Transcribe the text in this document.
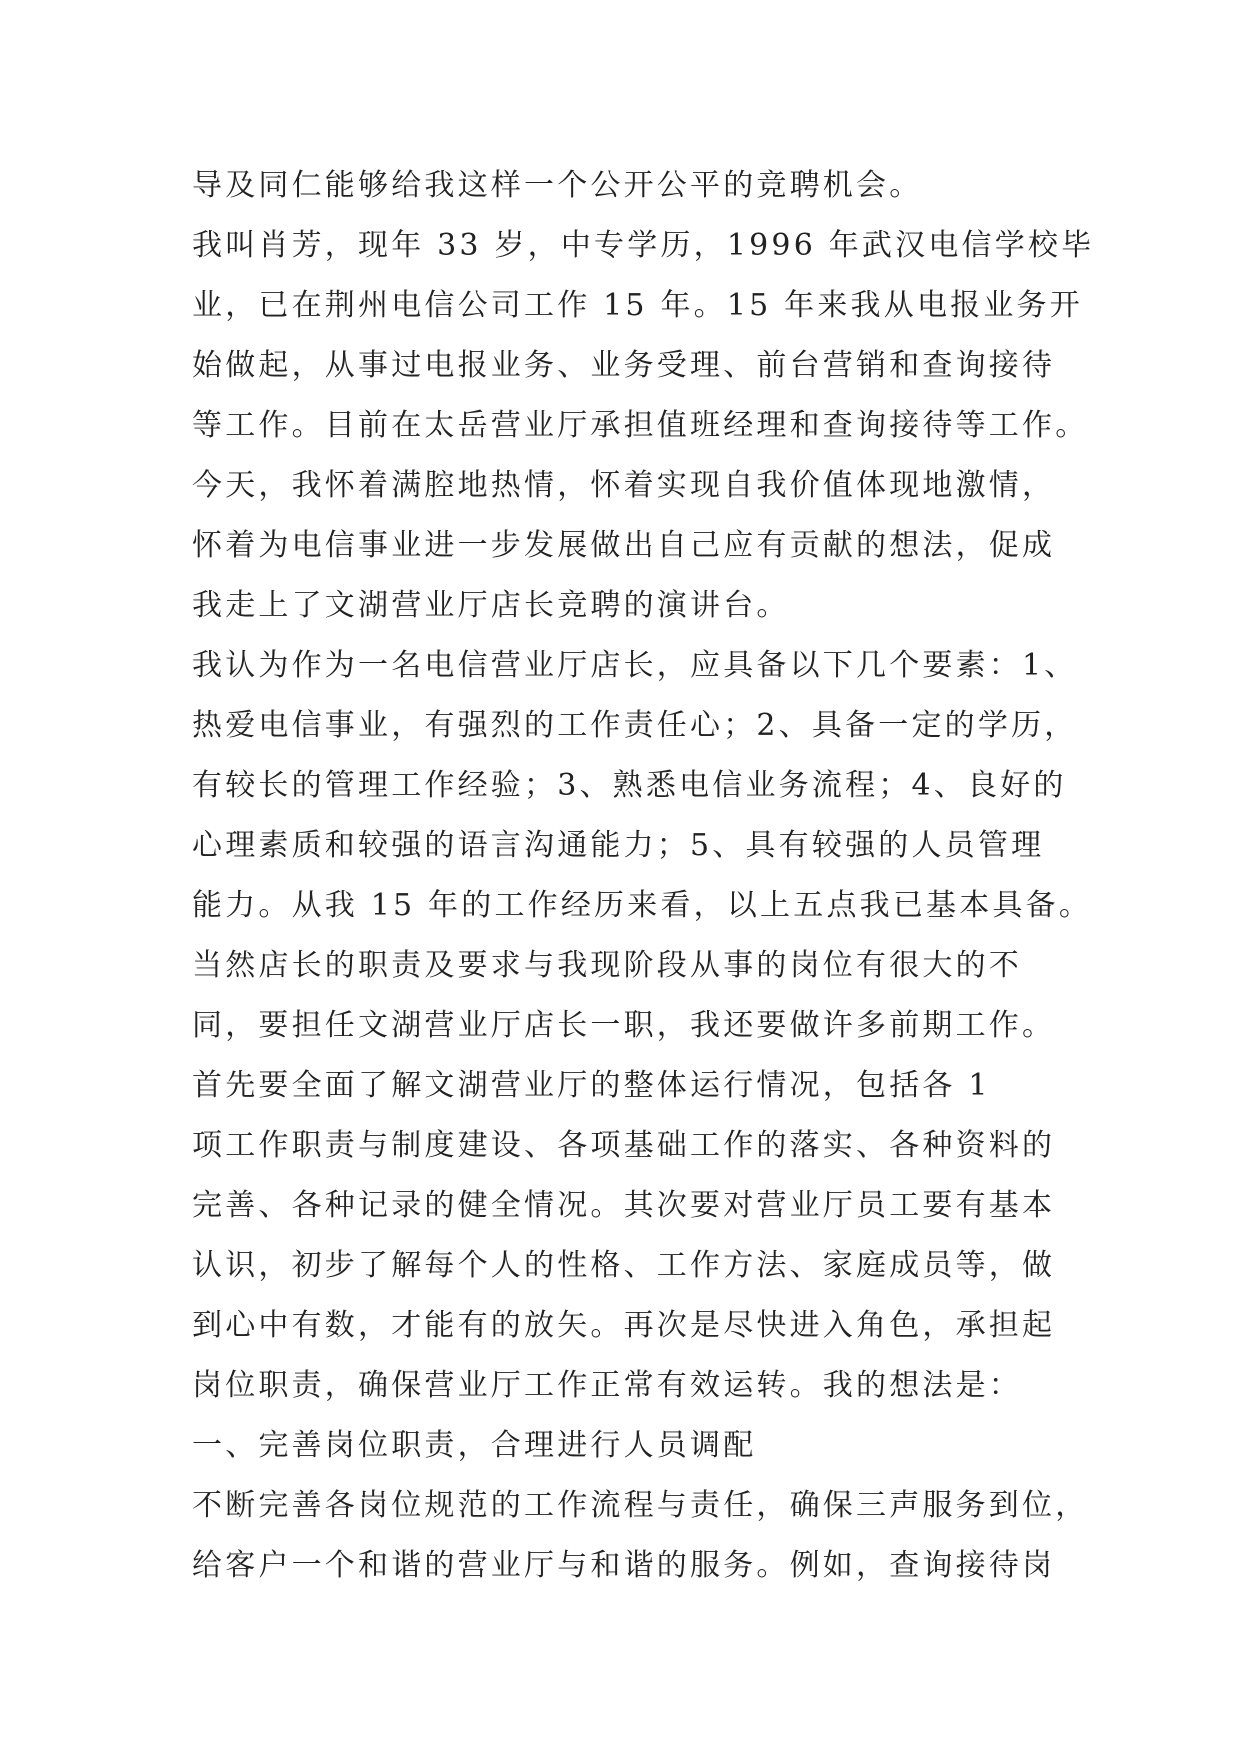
导及同仁能够给我这样一个公开公平的竞聘机会。
我叫肖芳，现年 33 岁，中专学历，1996 年武汉电信学校毕
业，已在荆州电信公司工作 15 年。15 年来我从电报业务开
始做起，从事过电报业务、业务受理、前台营销和查询接待
等工作。目前在太岳营业厅承担值班经理和查询接待等工作。
今天，我怀着满腔地热情，怀着实现自我价值体现地激情，
怀着为电信事业进一步发展做出自己应有贡献的想法，促成
我走上了文湖营业厅店长竞聘的演讲台。
我认为作为一名电信营业厅店长，应具备以下几个要素：1、
热爱电信事业，有强烈的工作责任心；2、具备一定的学历，
有较长的管理工作经验；3、熟悉电信业务流程；4、良好的
心理素质和较强的语言沟通能力；5、具有较强的人员管理
能力。从我 15 年的工作经历来看，以上五点我已基本具备。
当然店长的职责及要求与我现阶段从事的岗位有很大的不
同，要担任文湖营业厅店长一职，我还要做许多前期工作。
首先要全面了解文湖营业厅的整体运行情况，包括各 1
项工作职责与制度建设、各项基础工作的落实、各种资料的
完善、各种记录的健全情况。其次要对营业厅员工要有基本
认识，初步了解每个人的性格、工作方法、家庭成员等，做
到心中有数，才能有的放矢。再次是尽快进入角色，承担起
岗位职责，确保营业厅工作正常有效运转。我的想法是：
一、完善岗位职责，合理进行人员调配
不断完善各岗位规范的工作流程与责任，确保三声服务到位，
给客户一个和谐的营业厅与和谐的服务。例如，查询接待岗
